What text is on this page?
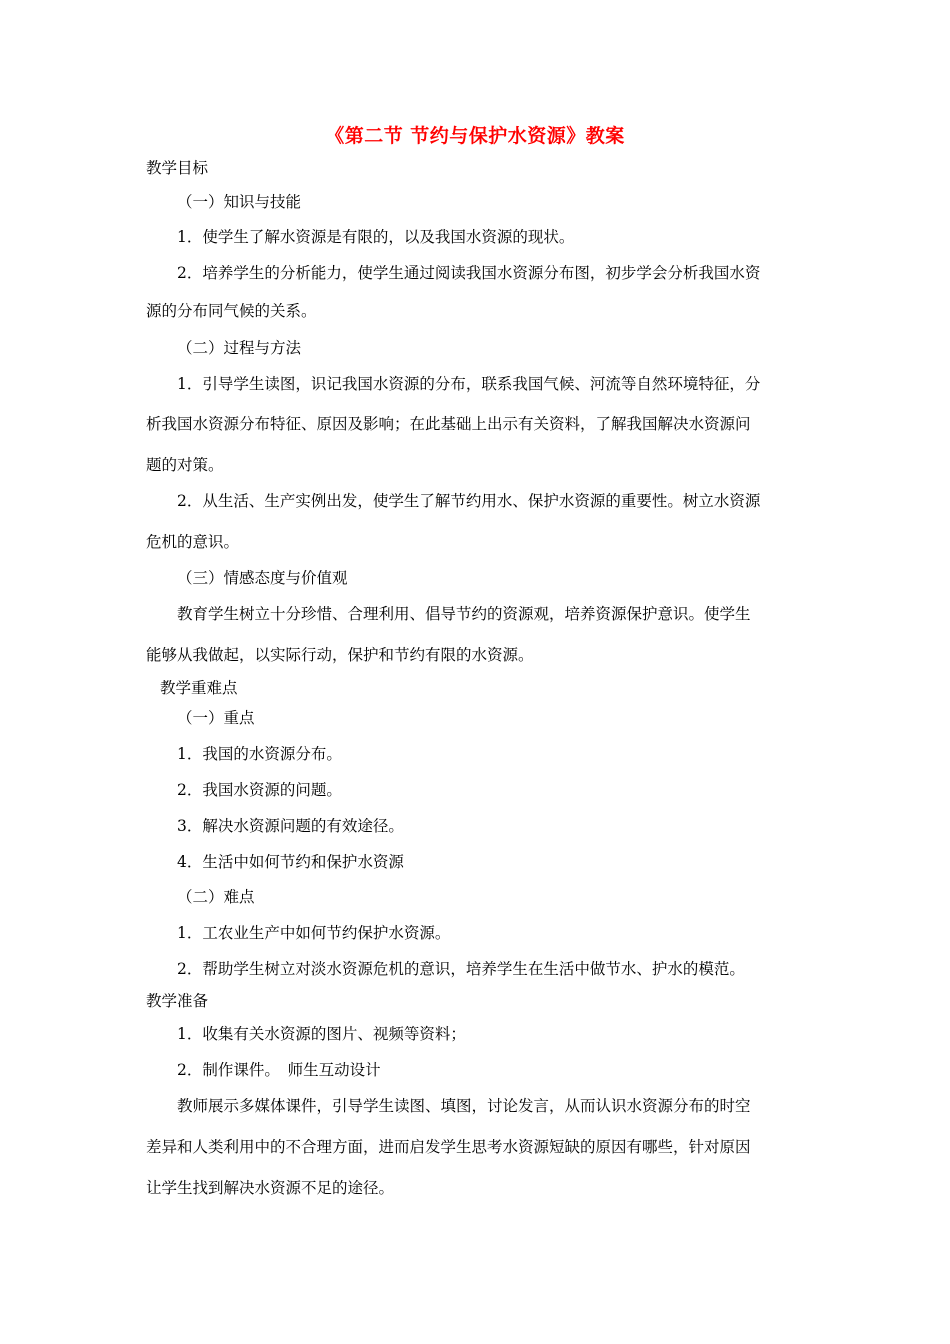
《第二节 节约与保护水资源》教案
教学目标
（一）知识与技能
1．使学生了解水资源是有限的，以及我国水资源的现状。
2．培养学生的分析能力，使学生通过阅读我国水资源分布图，初步学会分析我国水资
源的分布同气候的关系。
（二）过程与方法
1．引导学生读图，识记我国水资源的分布，联系我国气候、河流等自然环境特征，分
析我国水资源分布特征、原因及影响；在此基础上出示有关资料，了解我国解决水资源问
题的对策。
2．从生活、生产实例出发，使学生了解节约用水、保护水资源的重要性。树立水资源
危机的意识。
（三）情感态度与价值观
教育学生树立十分珍惜、合理利用、倡导节约的资源观，培养资源保护意识。使学生
能够从我做起，以实际行动，保护和节约有限的水资源。
教学重难点
（一）重点
1．我国的水资源分布。
2．我国水资源的问题。
3．解决水资源问题的有效途径。
4．生活中如何节约和保护水资源
（二）难点
1．工农业生产中如何节约保护水资源。
2．帮助学生树立对淡水资源危机的意识，培养学生在生活中做节水、护水的模范。
教学准备
1．收集有关水资源的图片、视频等资料；
2．制作课件。　师生互动设计
教师展示多媒体课件，引导学生读图、填图，讨论发言，从而认识水资源分布的时空
差异和人类利用中的不合理方面，进而启发学生思考水资源短缺的原因有哪些，针对原因
让学生找到解决水资源不足的途径。
